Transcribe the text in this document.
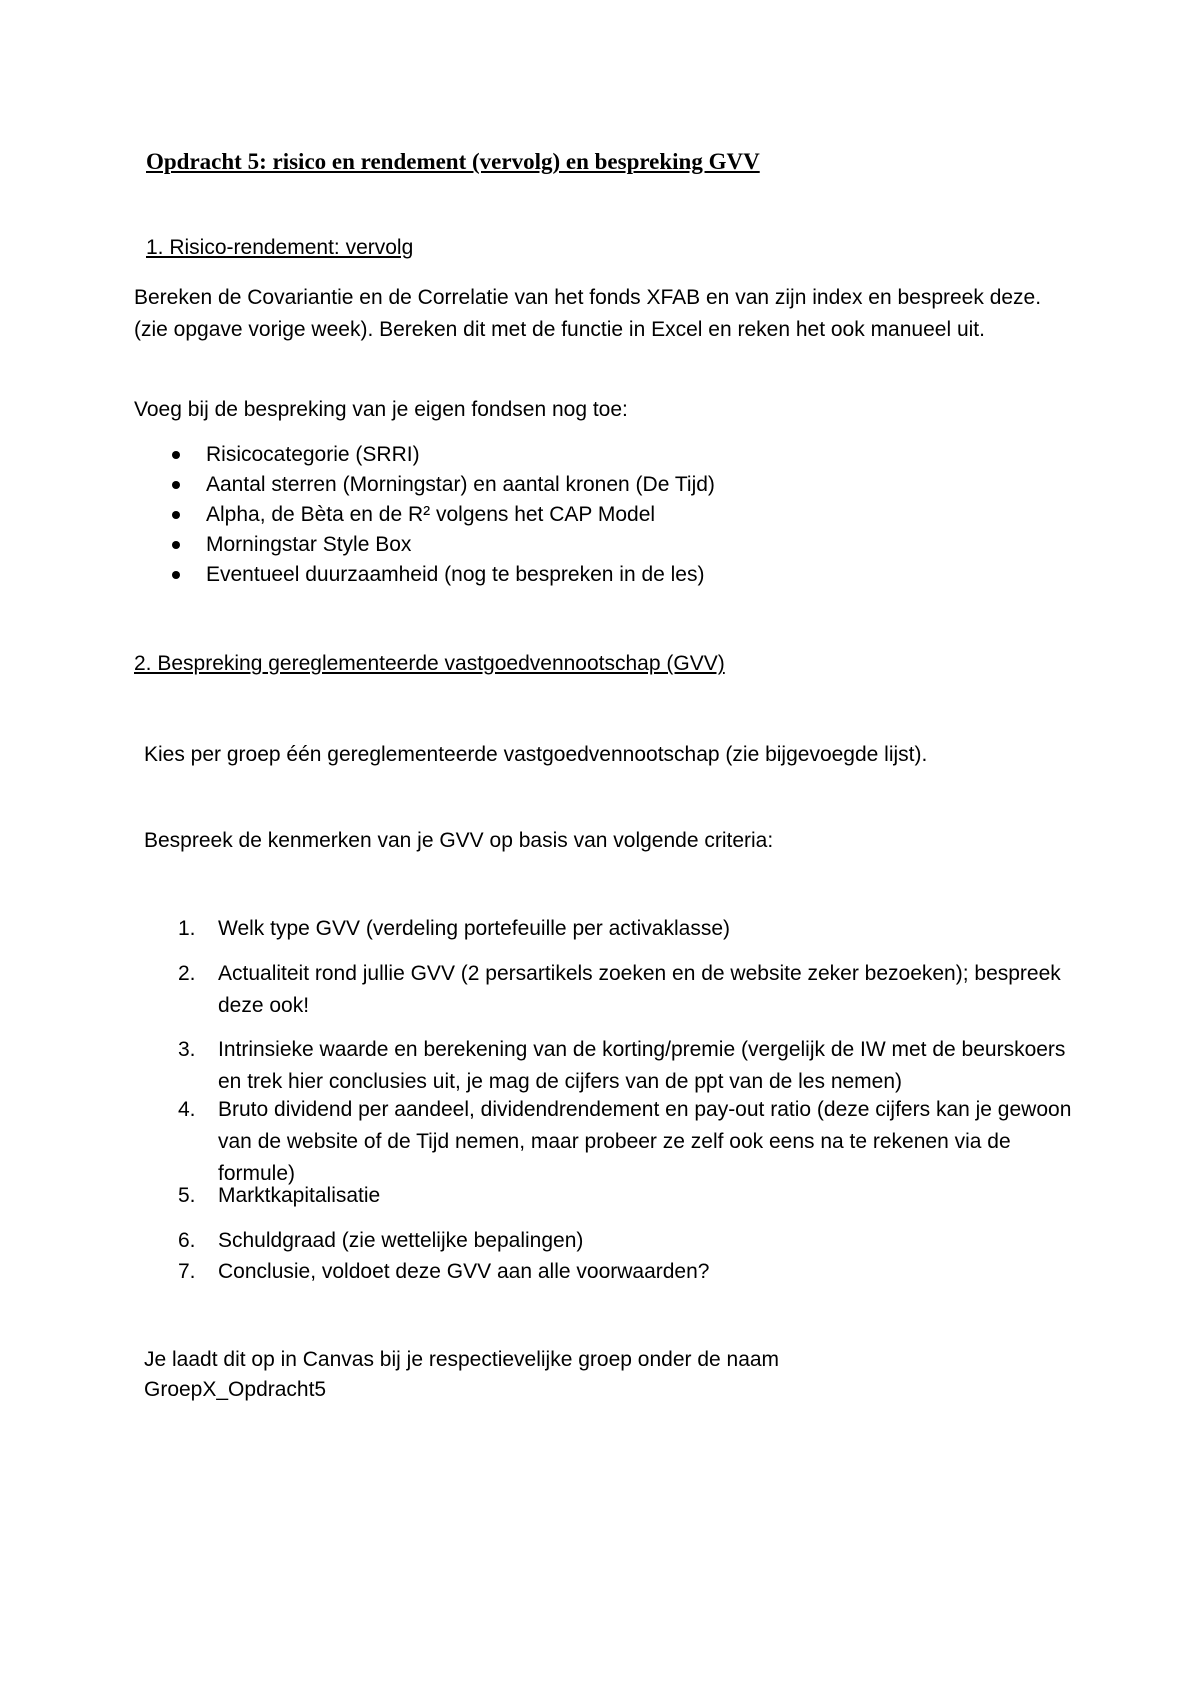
Opdracht 5: risico en rendement (vervolg) en bespreking GVV
1. Risico-rendement: vervolg

Bereken de Covariantie en de Correlatie van het fonds XFAB en van zijn index en bespreek deze. (zie opgave vorige week). Bereken dit met de functie in Excel en reken het ook manueel uit.

Voeg bij de bespreking van je eigen fondsen nog toe:

Risicocategorie (SRRI)
Aantal sterren (Morningstar) en aantal kronen (De Tijd)
Alpha, de Bèta en de R² volgens het CAP Model
Morningstar Style Box
Eventueel duurzaamheid (nog te bespreken in de les)
2. Bespreking gereglementeerde vastgoedvennootschap (GVV)

Kies per groep één gereglementeerde vastgoedvennootschap (zie bijgevoegde lijst).

Bespreek de kenmerken van je GVV op basis van volgende criteria:

1.	Welk type GVV (verdeling portefeuille per activaklasse)
2.	Actualiteit rond jullie GVV (2 persartikels zoeken en de website zeker bezoeken); bespreek deze ook!
3.	Intrinsieke waarde en berekening van de korting/premie (vergelijk de IW met de beurskoers en trek hier conclusies uit, je mag de cijfers van de ppt van de les nemen)
4.	Bruto dividend per aandeel, dividendrendement en pay-out ratio (deze cijfers kan je gewoon van de website of de Tijd nemen, maar probeer ze zelf ook eens na te rekenen via de formule)
5.	Marktkapitalisatie
6.	Schuldgraad (zie wettelijke bepalingen)
7.	Conclusie, voldoet deze GVV aan alle voorwaarden?

Je laadt dit op in Canvas bij je respectievelijke groep onder de naam

GroepX_Opdracht5
